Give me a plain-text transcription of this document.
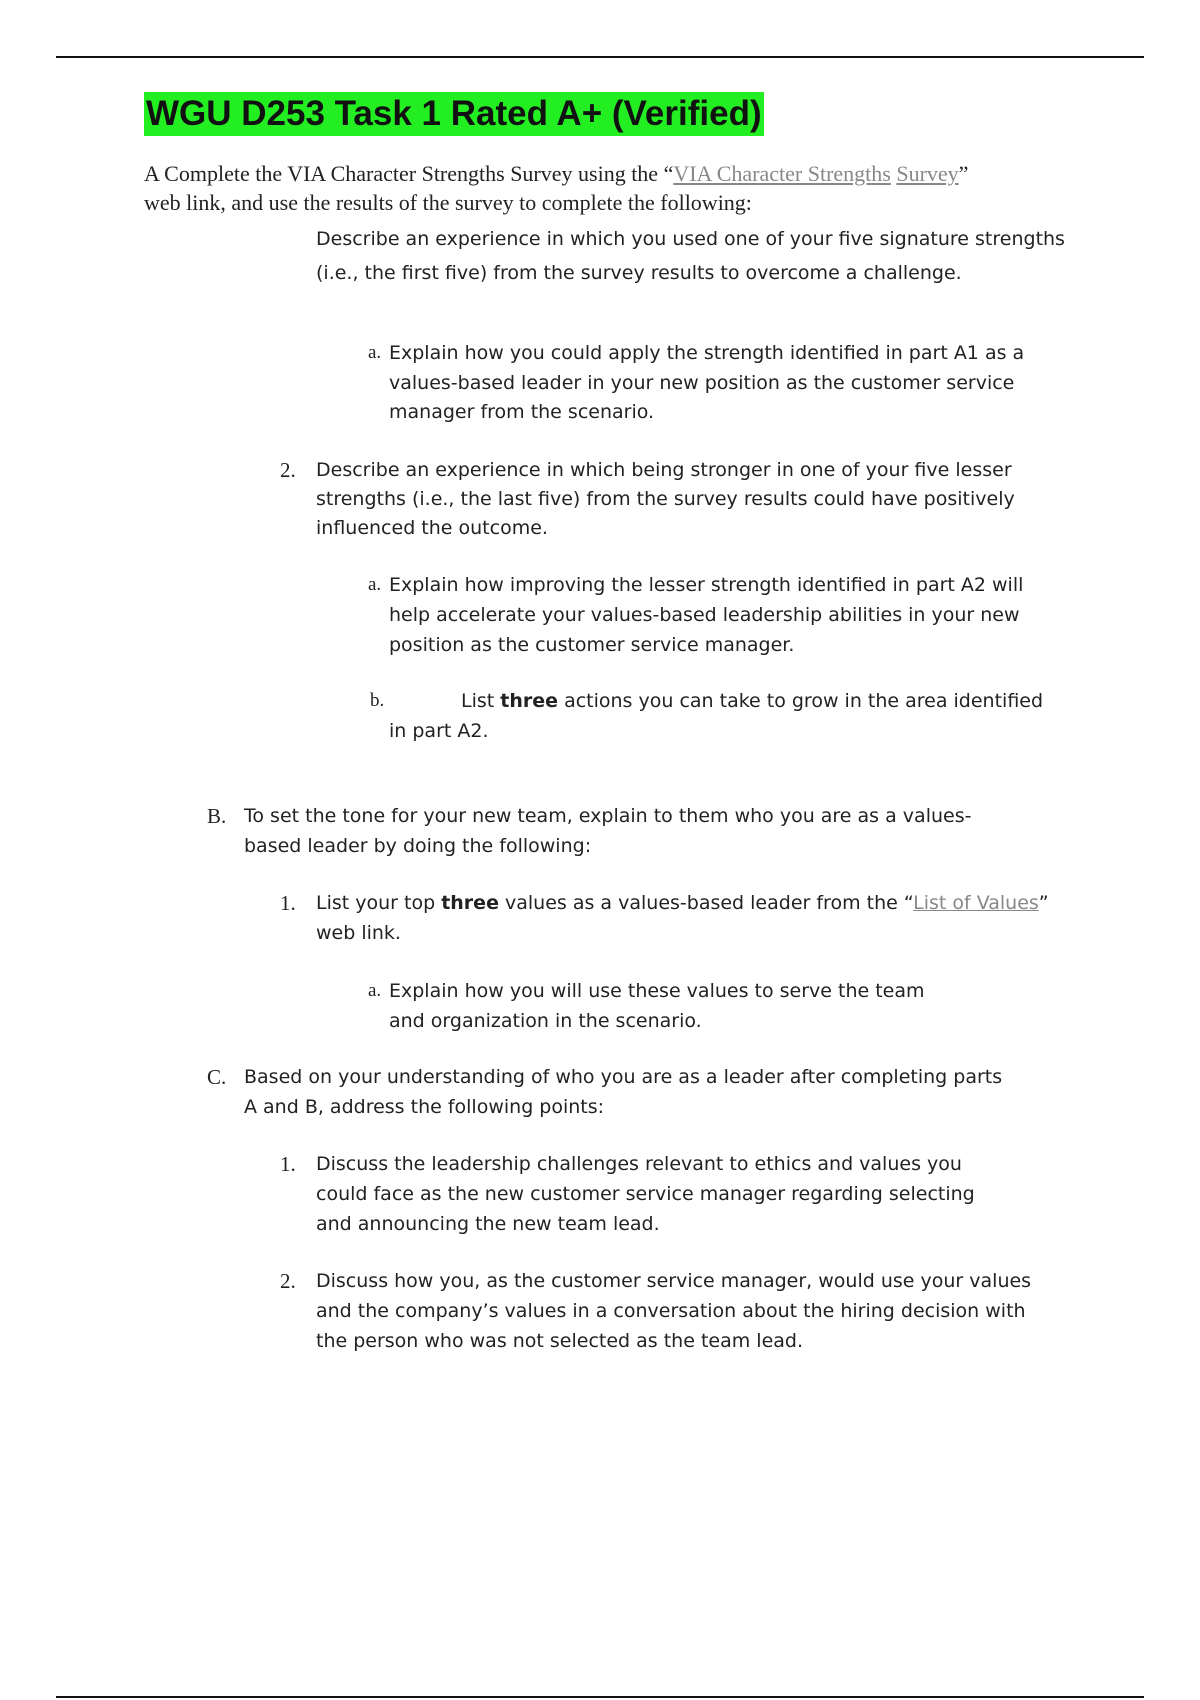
WGU D253 Task 1 Rated A+ (Verified)
A Complete the VIA Character Strengths Survey using the “VIA Character Strengths Survey”
web link, and use the results of the survey to complete the following:
Describe an experience in which you used one of your five signature strengths
(i.e., the first five) from the survey results to overcome a challenge.
a. Explain how you could apply the strength identified in part A1 as a
values-based leader in your new position as the customer service
manager from the scenario.
2. Describe an experience in which being stronger in one of your five lesser
strengths (i.e., the last five) from the survey results could have positively
influenced the outcome.
a. Explain how improving the lesser strength identified in part A2 will
help accelerate your values-based leadership abilities in your new
position as the customer service manager.
b.	List three actions you can take to grow in the area identified
in part A2.
B. To set the tone for your new team, explain to them who you are as a values-
based leader by doing the following:
1. List your top three values as a values-based leader from the “List of Values”
web link.
a. Explain how you will use these values to serve the team
and organization in the scenario.
C. Based on your understanding of who you are as a leader after completing parts
A and B, address the following points:
1. Discuss the leadership challenges relevant to ethics and values you
could face as the new customer service manager regarding selecting
and announcing the new team lead.
2. Discuss how you, as the customer service manager, would use your values
and the company’s values in a conversation about the hiring decision with
the person who was not selected as the team lead.
